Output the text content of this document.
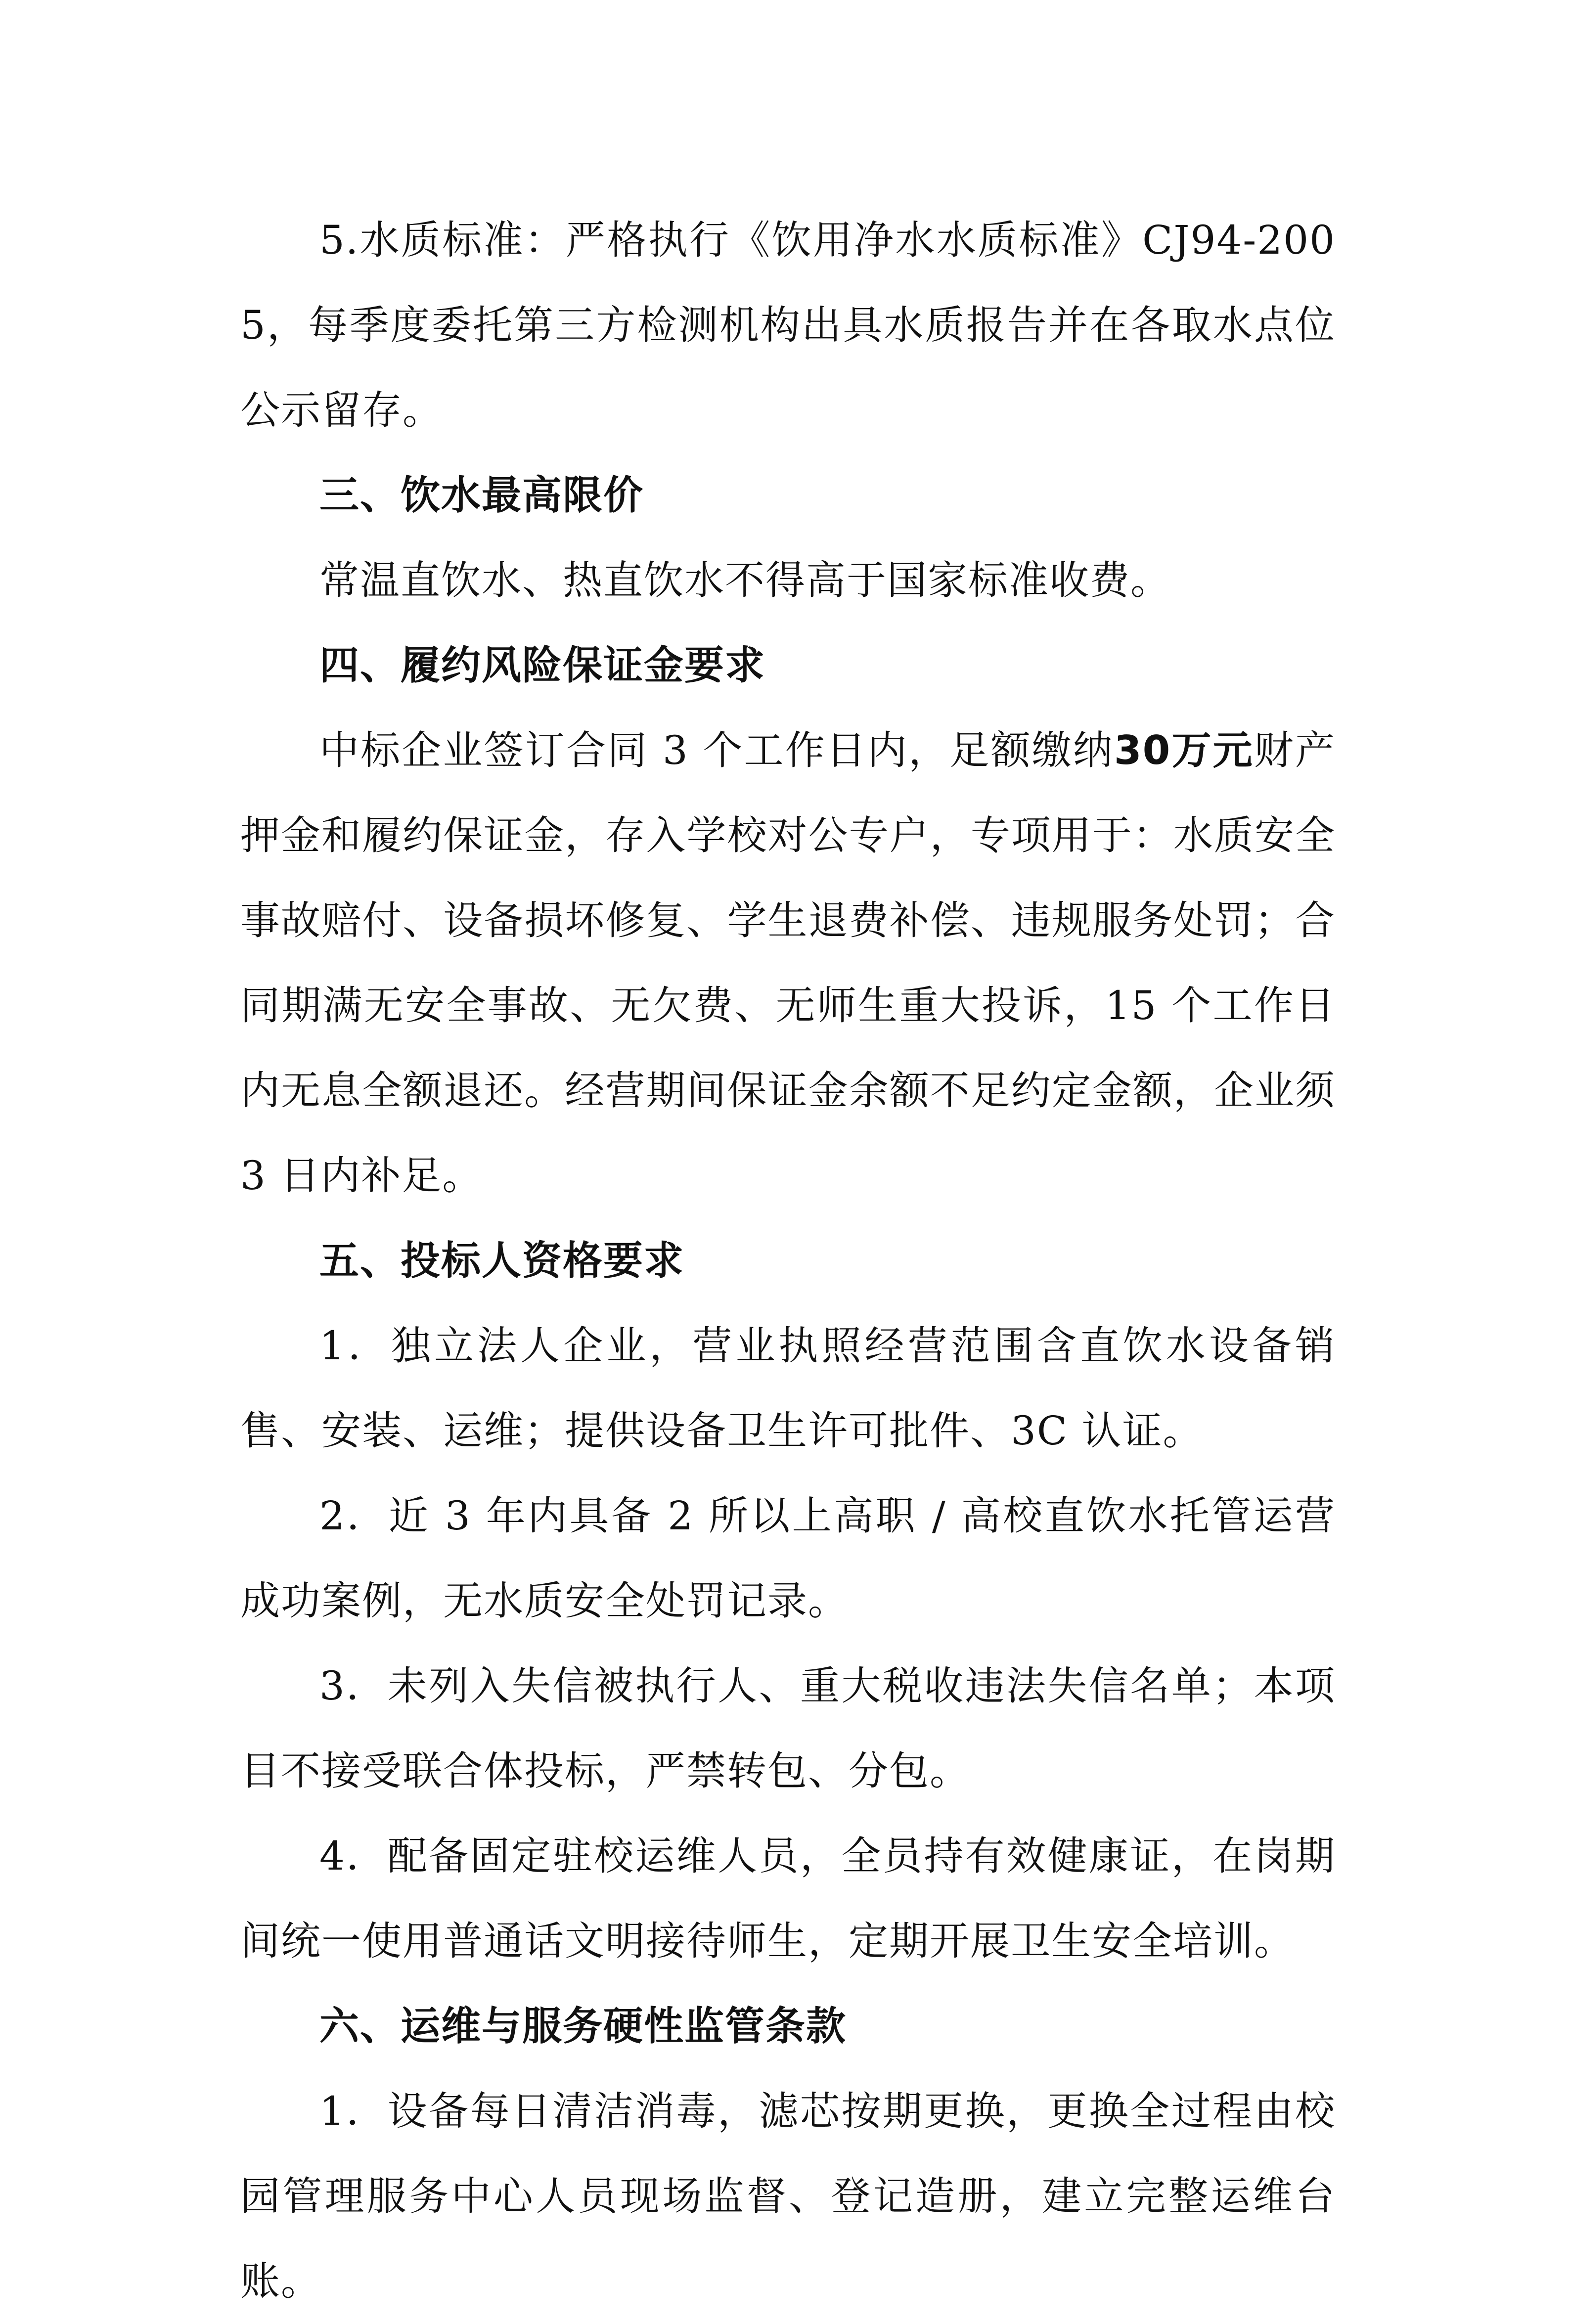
5.水质标准：严格执行《饮用净水水质标准》CJ94-2005，每季度委托第三方检测机构出具水质报告并在各取水点位公示留存。

三、饮水最高限价

常温直饮水、热直饮水不得高于国家标准收费。

四、履约风险保证金要求

中标企业签订合同 3 个工作日内，足额缴纳30万元财产押金和履约保证金，存入学校对公专户，专项用于：水质安全事故赔付、设备损坏修复、学生退费补偿、违规服务处罚；合同期满无安全事故、无欠费、无师生重大投诉，15 个工作日内无息全额退还。经营期间保证金余额不足约定金额，企业须 3 日内补足。

五、投标人资格要求

1．独立法人企业，营业执照经营范围含直饮水设备销售、安装、运维；提供设备卫生许可批件、3C 认证。

2．近 3 年内具备 2 所以上高职 / 高校直饮水托管运营成功案例，无水质安全处罚记录。

3．未列入失信被执行人、重大税收违法失信名单；本项目不接受联合体投标，严禁转包、分包。

4．配备固定驻校运维人员，全员持有效健康证，在岗期间统一使用普通话文明接待师生，定期开展卫生安全培训。

六、运维与服务硬性监管条款

1．设备每日清洁消毒，滤芯按期更换，更换全过程由校园管理服务中心人员现场监督、登记造册，建立完整运维台账。
